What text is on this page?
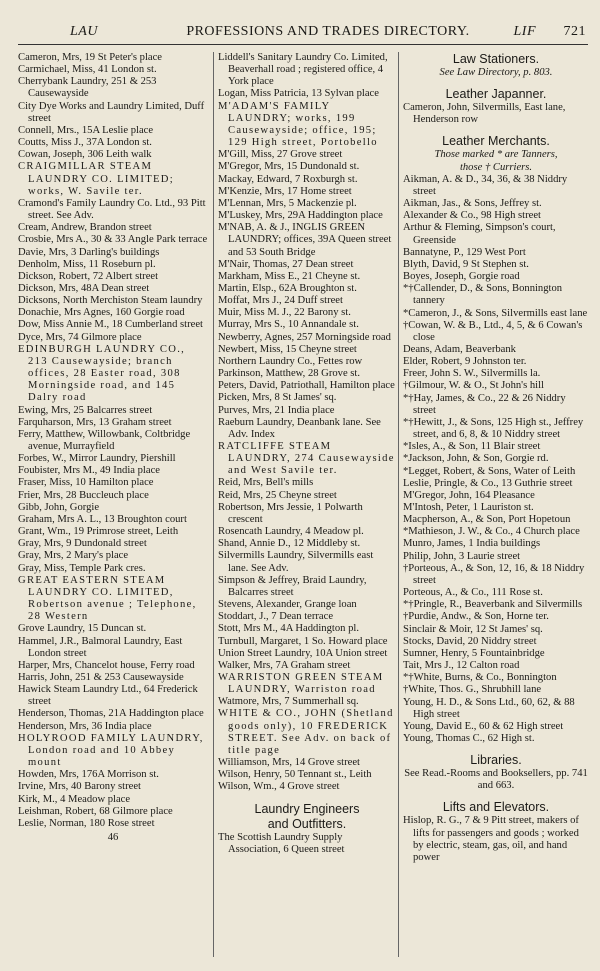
LAU	PROFESSIONS AND TRADES DIRECTORY.	LIF 721
Cameron, Mrs, 19 St Peter's place
Carmichael, Miss, 41 London st.
Cherrybank Laundry, 251 & 253 Causewayside
City Dye Works and Laundry Limited, Duff street
Connell, Mrs., 15A Leslie place
Coutts, Miss J., 37A London st.
Cowan, Joseph, 306 Leith walk
CRAIGMILLAR STEAM LAUNDRY CO. LIMITED; works, W. Savile ter.
Cramond's Family Laundry Co. Ltd., 93 Pitt street. See Adv.
Cream, Andrew, Brandon street
Crosbie, Mrs A., 30 & 33 Angle Park terrace
Davie, Mrs, 3 Darling's buildings
Denholm, Miss, 11 Roseburn pl.
Dickson, Robert, 72 Albert street
Dickson, Mrs, 48A Dean street
Dicksons, North Merchiston Steam laundry
Donachie, Mrs Agnes, 160 Gorgie road
Dow, Miss Annie M., 18 Cumberland street
Dyce, Mrs, 74 Gilmore place
EDINBURGH LAUNDRY CO., 213 Causewayside; branch offices, 28 Easter road, 308 Morningside road, and 145 Dalry road
Ewing, Mrs, 25 Balcarres street
Farquharson, Mrs, 13 Graham street
Ferry, Matthew, Willowbank, Coltbridge avenue, Murrayfield
Forbes, W., Mirror Laundry, Piershill
Foubister, Mrs M., 49 India place
Fraser, Miss, 10 Hamilton place
Frier, Mrs, 28 Buccleuch place
Gibb, John, Gorgie
Graham, Mrs A. L., 13 Broughton court
Grant, Wm., 19 Primrose street, Leith
Gray, Mrs, 9 Dundonald street
Gray, Mrs, 2 Mary's place
Gray, Miss, Temple Park cres.
GREAT EASTERN STEAM LAUNDRY CO. LIMITED, Robertson avenue ; Telephone, 28 Western
Grove Laundry, 15 Duncan st.
Hammel, J.R., Balmoral Laundry, East London street
Harper, Mrs, Chancelot house, Ferry road
Harris, John, 251 & 253 Causewayside
Hawick Steam Laundry Ltd., 64 Frederick street
Henderson, Thomas, 21A Haddington place
Henderson, Mrs, 36 India place
HOLYROOD FAMILY LAUNDRY, London road and 10 Abbey mount
Howden, Mrs, 176A Morrison st.
Irvine, Mrs, 40 Barony street
Kirk, M., 4 Meadow place
Leishman, Robert, 68 Gilmore place
Leslie, Norman, 180 Rose street
46
Liddell's Sanitary Laundry Co. Limited, Beaverhall road ; registered office, 4 York place
Logan, Miss Patricia, 13 Sylvan place
M'ADAM'S FAMILY LAUNDRY; works, 199 Causewayside; office, 195; 129 High street, Portobello
M'Gill, Miss, 27 Grove street
M'Gregor, Mrs, 15 Dundonald st.
Mackay, Edward, 7 Roxburgh st.
M'Kenzie, Mrs, 17 Home street
M'Lennan, Mrs, 5 Mackenzie pl.
M'Luskey, Mrs, 29A Haddington place
M'NAB, A. & J., INGLIS GREEN LAUNDRY; offices, 39A Queen street and 53 South Bridge
M'Nair, Thomas, 27 Dean street
Markham, Miss E., 21 Cheyne st.
Martin, Elsp., 62A Broughton st.
Moffat, Mrs J., 24 Duff street
Muir, Miss M. J., 22 Barony st.
Murray, Mrs S., 10 Annandale st.
Newberry, Agnes, 257 Morningside road
Newbert, Miss, 15 Cheyne street
Northern Laundry Co., Fettes row
Parkinson, Matthew, 28 Grove st.
Peters, David, Patriothall, Hamilton place
Picken, Mrs, 8 St James' sq.
Purves, Mrs, 21 India place
Raeburn Laundry, Deanbank lane. See Adv. Index
RATCLIFFE STEAM LAUNDRY, 274 Causewayside and West Savile ter.
Reid, Mrs, Bell's mills
Reid, Mrs, 25 Cheyne street
Robertson, Mrs Jessie, 1 Polwarth crescent
Rosencath Laundry, 4 Meadow pl.
Shand, Annie D., 12 Middleby st.
Silvermills Laundry, Silvermills east lane. See Adv.
Simpson & Jeffrey, Braid Laundry, Balcarres street
Stevens, Alexander, Grange loan
Stoddart, J., 7 Dean terrace
Stott, Mrs M., 4A Haddington pl.
Turnbull, Margaret, 1 So. Howard place
Union Street Laundry, 10A Union street
Walker, Mrs, 7A Graham street
WARRISTON GREEN STEAM LAUNDRY, Warriston road
Watmore, Mrs, 7 Summerhall sq.
WHITE & CO., JOHN (Shetland goods only), 10 FREDERICK STREET. See Adv. on back of title page
Williamson, Mrs, 14 Grove street
Wilson, Henry, 50 Tennant st., Leith
Wilson, Wm., 4 Grove street
Laundry Engineers
and Outfitters.
The Scottish Laundry Supply Association, 6 Queen street
Law Stationers.
See Law Directory, p. 803.
Leather Japanner.
Cameron, John, Silvermills, East lane, Henderson row
Leather Merchants.
Those marked * are Tanners,
those † Curriers.
Aikman, A. & D., 34, 36, & 38 Niddry street
Aikman, Jas., & Sons, Jeffrey st.
Alexander & Co., 98 High street
Arthur & Fleming, Simpson's court, Greenside
Bannatyne, P., 129 West Port
Blyth, David, 9 St Stephen st.
Boyes, Joseph, Gorgie road
*†Callender, D., & Sons, Bonnington tannery
*Cameron, J., & Sons, Silvermills east lane
†Cowan, W. & B., Ltd., 4, 5, & 6 Cowan's close
Deans, Adam, Beaverbank
Elder, Robert, 9 Johnston ter.
Freer, John S. W., Silvermills la.
†Gilmour, W. & O., St John's hill
*†Hay, James, & Co., 22 & 26 Niddry street
*†Hewitt, J., & Sons, 125 High st., Jeffrey street, and 6, 8, & 10 Niddry street
*Isles, A., & Son, 11 Blair street
*Jackson, John, & Son, Gorgie rd.
*Legget, Robert, & Sons, Water of Leith
Leslie, Pringle, & Co., 13 Guthrie street
M'Gregor, John, 164 Pleasance
M'Intosh, Peter, 1 Lauriston st.
Macpherson, A., & Son, Port Hopetoun
*Mathieson, J. W., & Co., 4 Church place
Munro, James, 1 India buildings
Philip, John, 3 Laurie street
†Porteous, A., & Son, 12, 16, & 18 Niddry street
Porteous, A., & Co., 111 Rose st.
*†Pringle, R., Beaverbank and Silvermills
†Purdie, Andw., & Son, Horne ter.
Sinclair & Moir, 12 St James' sq.
Stocks, David, 20 Niddry street
Sumner, Henry, 5 Fountainbridge
Tait, Mrs J., 12 Calton road
*†White, Burns, & Co., Bonnington
†White, Thos. G., Shrubhill lane
Young, H. D., & Sons Ltd., 60, 62, & 88 High street
Young, David E., 60 & 62 High street
Young, Thomas C., 62 High st.
Libraries.
See Read.-Rooms and Booksellers, pp. 741 and 663.
Lifts and Elevators.
Hislop, R. G., 7 & 9 Pitt street, makers of lifts for passengers and goods ; worked by electric, steam, gas, oil, and hand power
